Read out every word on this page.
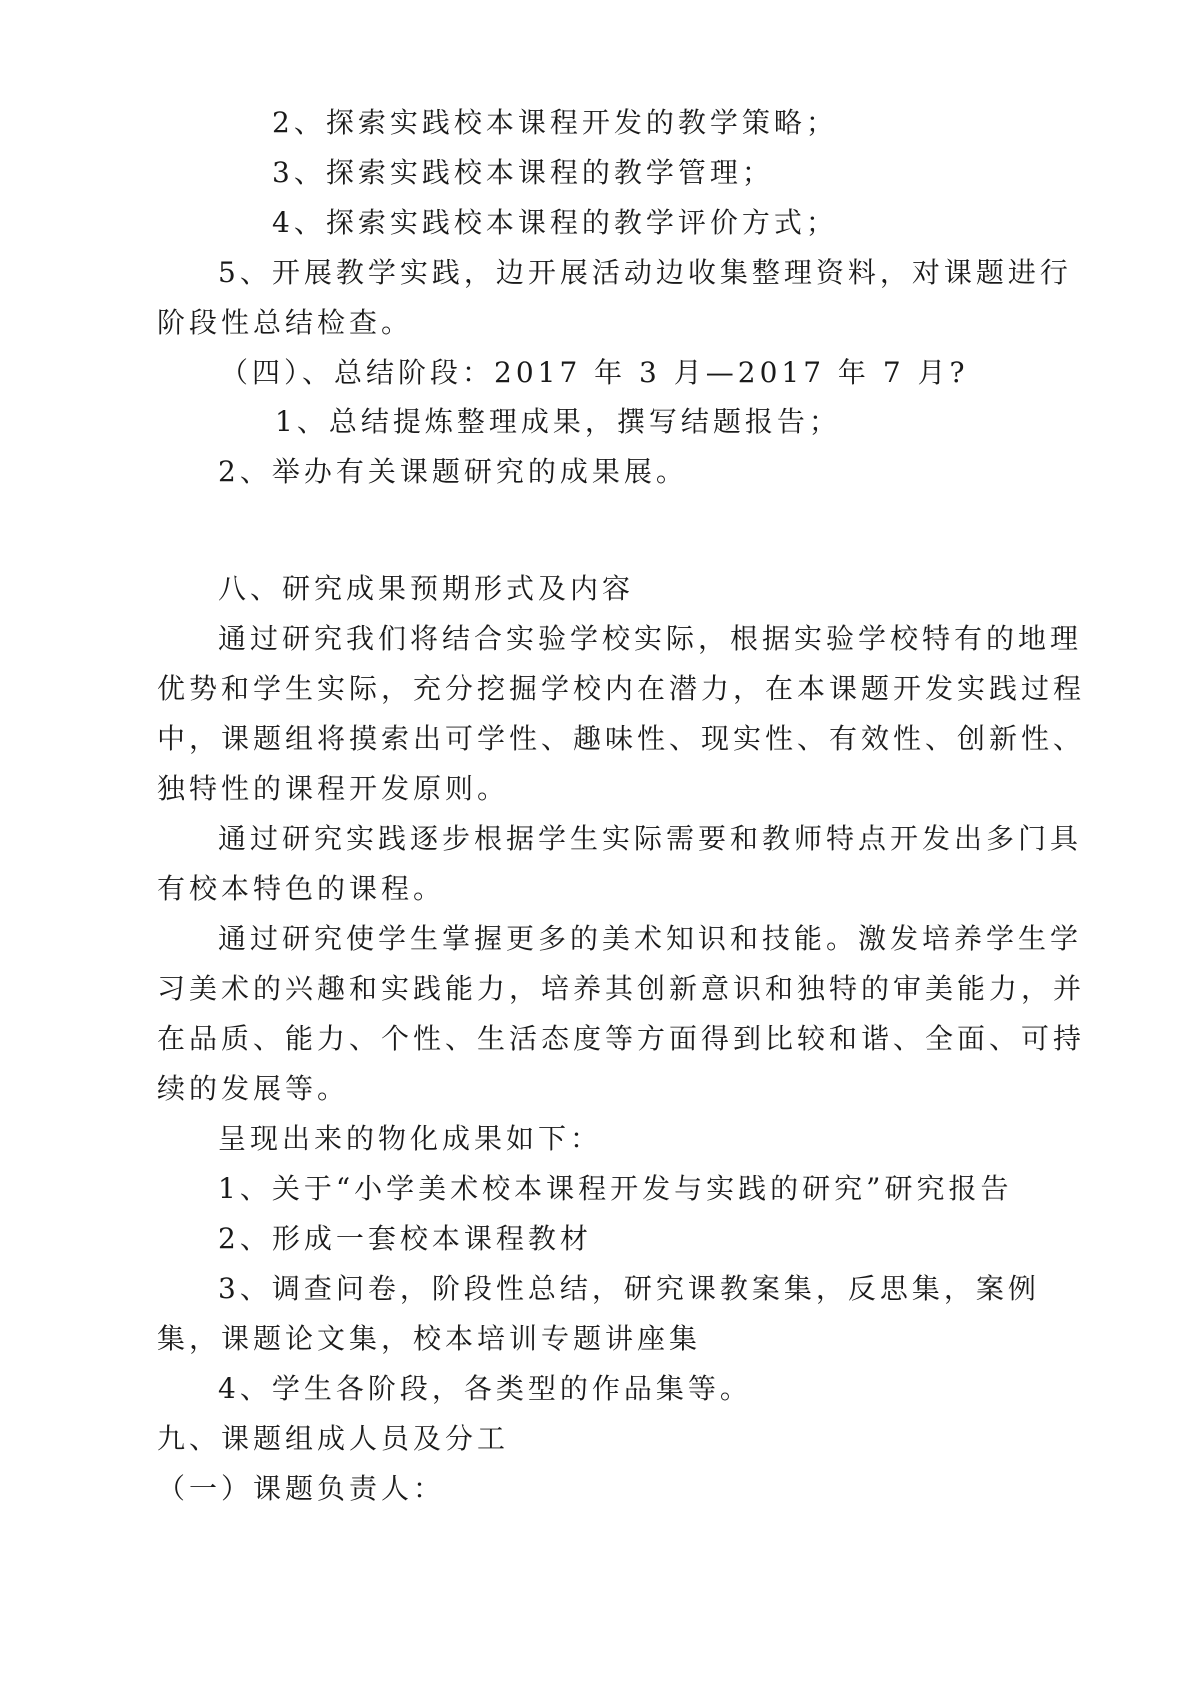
2、探索实践校本课程开发的教学策略；
3、探索实践校本课程的教学管理；
4、探索实践校本课程的教学评价方式；
5、开展教学实践，边开展活动边收集整理资料，对课题进行
阶段性总结检查。
（四）、总结阶段：2017 年 3 月—2017 年 7 月?
1、总结提炼整理成果，撰写结题报告；
2、举办有关课题研究的成果展。
八、研究成果预期形式及内容
通过研究我们将结合实验学校实际，根据实验学校特有的地理
优势和学生实际，充分挖掘学校内在潜力，在本课题开发实践过程
中，课题组将摸索出可学性、趣味性、现实性、有效性、创新性、
独特性的课程开发原则。
通过研究实践逐步根据学生实际需要和教师特点开发出多门具
有校本特色的课程。
通过研究使学生掌握更多的美术知识和技能。激发培养学生学
习美术的兴趣和实践能力，培养其创新意识和独特的审美能力，并
在品质、能力、个性、生活态度等方面得到比较和谐、全面、可持
续的发展等。
呈现出来的物化成果如下：
1、关于“小学美术校本课程开发与实践的研究”研究报告
2、形成一套校本课程教材
3、调查问卷，阶段性总结，研究课教案集，反思集，案例
集，课题论文集，校本培训专题讲座集
4、学生各阶段，各类型的作品集等。
九、课题组成人员及分工
（一）课题负责人：
